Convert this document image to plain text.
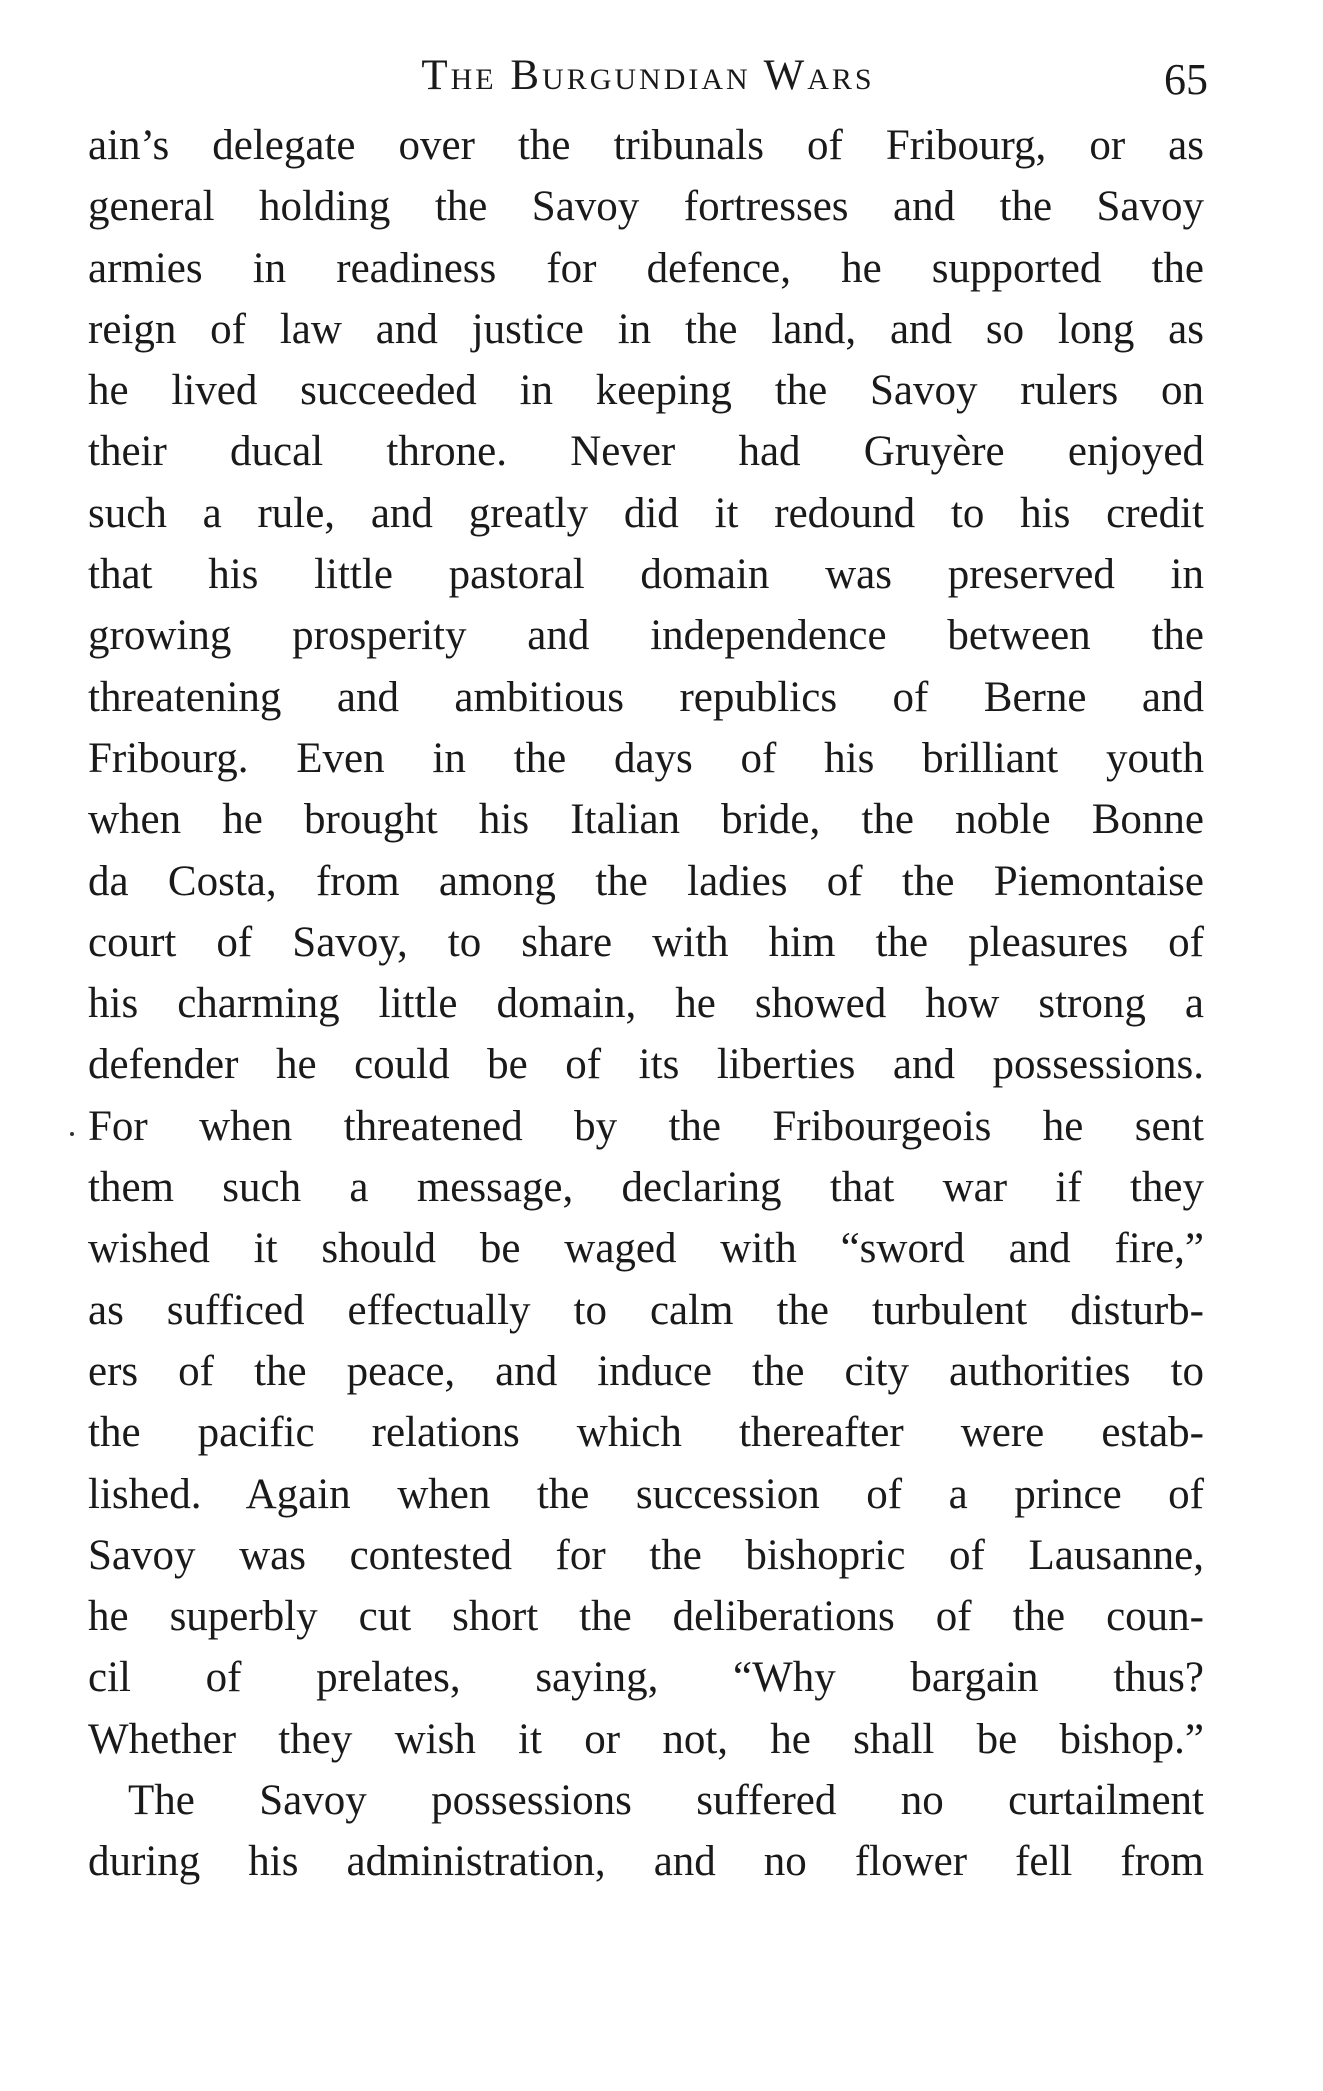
The Burgundian Wars	65
ain’s delegate over the tribunals of Fribourg, or as
general holding the Savoy fortresses and the Savoy
armies in readiness for defence, he supported the
reign of law and justice in the land, and so long as
he lived succeeded in keeping the Savoy rulers on
their ducal throne. Never had Gruyère enjoyed
such a rule, and greatly did it redound to his credit
that his little pastoral domain was preserved in
growing prosperity and independence between the
threatening and ambitious republics of Berne and
Fribourg. Even in the days of his brilliant youth
when he brought his Italian bride, the noble Bonne
da Costa, from among the ladies of the Piemontaise
court of Savoy, to share with him the pleasures of
his charming little domain, he showed how strong a
defender he could be of its liberties and possessions.
For when threatened by the Fribourgeois he sent
them such a message, declaring that war if they
wished it should be waged with “sword and fire,”
as sufficed effectually to calm the turbulent disturb-
ers of the peace, and induce the city authorities to
the pacific relations which thereafter were estab-
lished. Again when the succession of a prince of
Savoy was contested for the bishopric of Lausanne,
he superbly cut short the deliberations of the coun-
cil of prelates, saying, “Why bargain thus?
Whether they wish it or not, he shall be bishop.”
The Savoy possessions suffered no curtailment
during his administration, and no flower fell from
